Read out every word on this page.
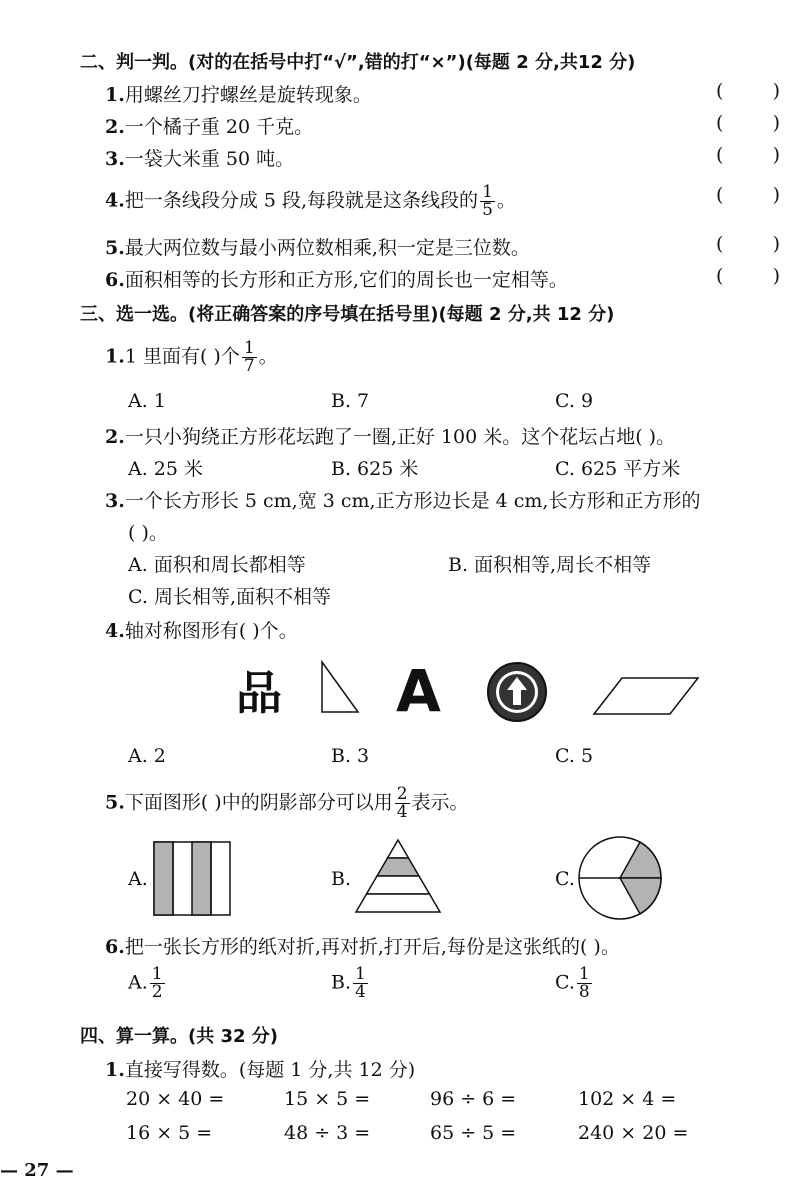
二、判一判。(对的在括号中打“√”,错的打“×”)(每题 2 分,共12 分)
1.用螺丝刀拧螺丝是旋转现象。	(	)
2.一个橘子重 20 千克。	(	)
3.一袋大米重 50 吨。	(	)
4.把一条线段分成 5 段,每段就是这条线段的 $\frac{1}{5}$ 。	(	)
5.最大两位数与最小两位数相乘,积一定是三位数。	(	)
6.面积相等的长方形和正方形,它们的周长也一定相等。	(	)
三、选一选。(将正确答案的序号填在括号里)(每题 2 分,共 12 分)
1.1 里面有( )个 $\frac{1}{7}$ 。
A. 1	B. 7	C. 9
2.一只小狗绕正方形花坛跑了一圈,正好 100 米。这个花坛占地( )。
A. 25 米	B. 625 米	C. 625 平方米
3.一个长方形长 5 cm,宽 3 cm,正方形边长是 4 cm,长方形和正方形的
( )。
A. 面积和周长都相等	B. 面积相等,周长不相等
C. 周长相等,面积不相等
4.轴对称图形有( )个。
品 A
A. 2	B. 3	C. 5
5.下面图形( )中的阴影部分可以用 $\frac{2}{4}$ 表示。
A.	B.	C.
6.把一张长方形的纸对折,再对折,打开后,每份是这张纸的( )。
A. $\frac{1}{2}$	B. $\frac{1}{4}$	C. $\frac{1}{8}$
四、算一算。(共 32 分)
1.直接写得数。(每题 1 分,共 12 分)
20 × 40 =	15 × 5 =	96 ÷ 6 =	102 × 4 =
16 × 5 =	48 ÷ 3 =	65 ÷ 5 =	240 × 20 =
— 27 —
